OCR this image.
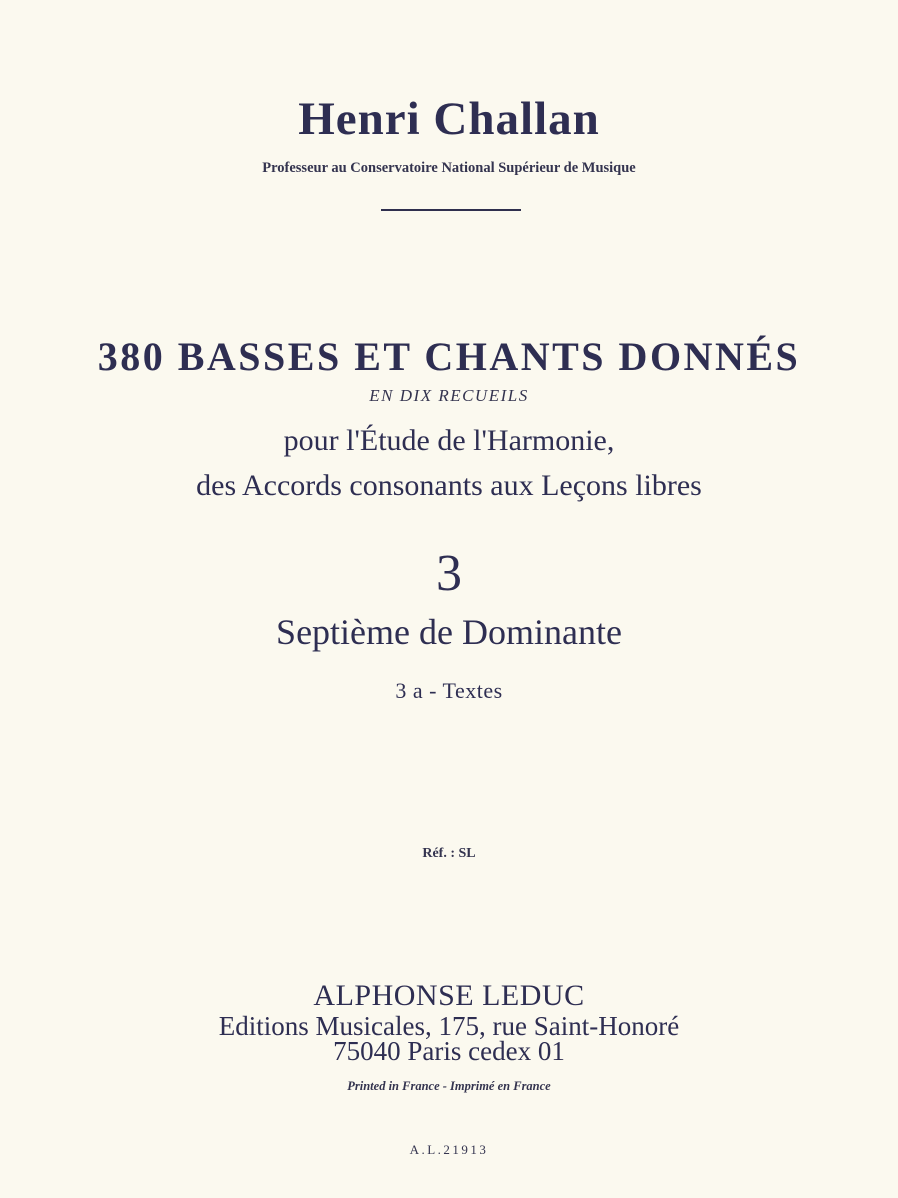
Henri Challan

Professeur au Conservatoire National Supérieur de Musique

380 BASSES ET CHANTS DONNÉS

EN DIX RECUEILS

pour l'Étude de l'Harmonie,

des Accords consonants aux Leçons libres

3

Septième de Dominante

3 a - Textes

Réf. : SL

ALPHONSE LEDUC

Editions Musicales, 175, rue Saint-Honoré

75040 Paris cedex 01

Printed in France - Imprimé en France

A.L.21913
